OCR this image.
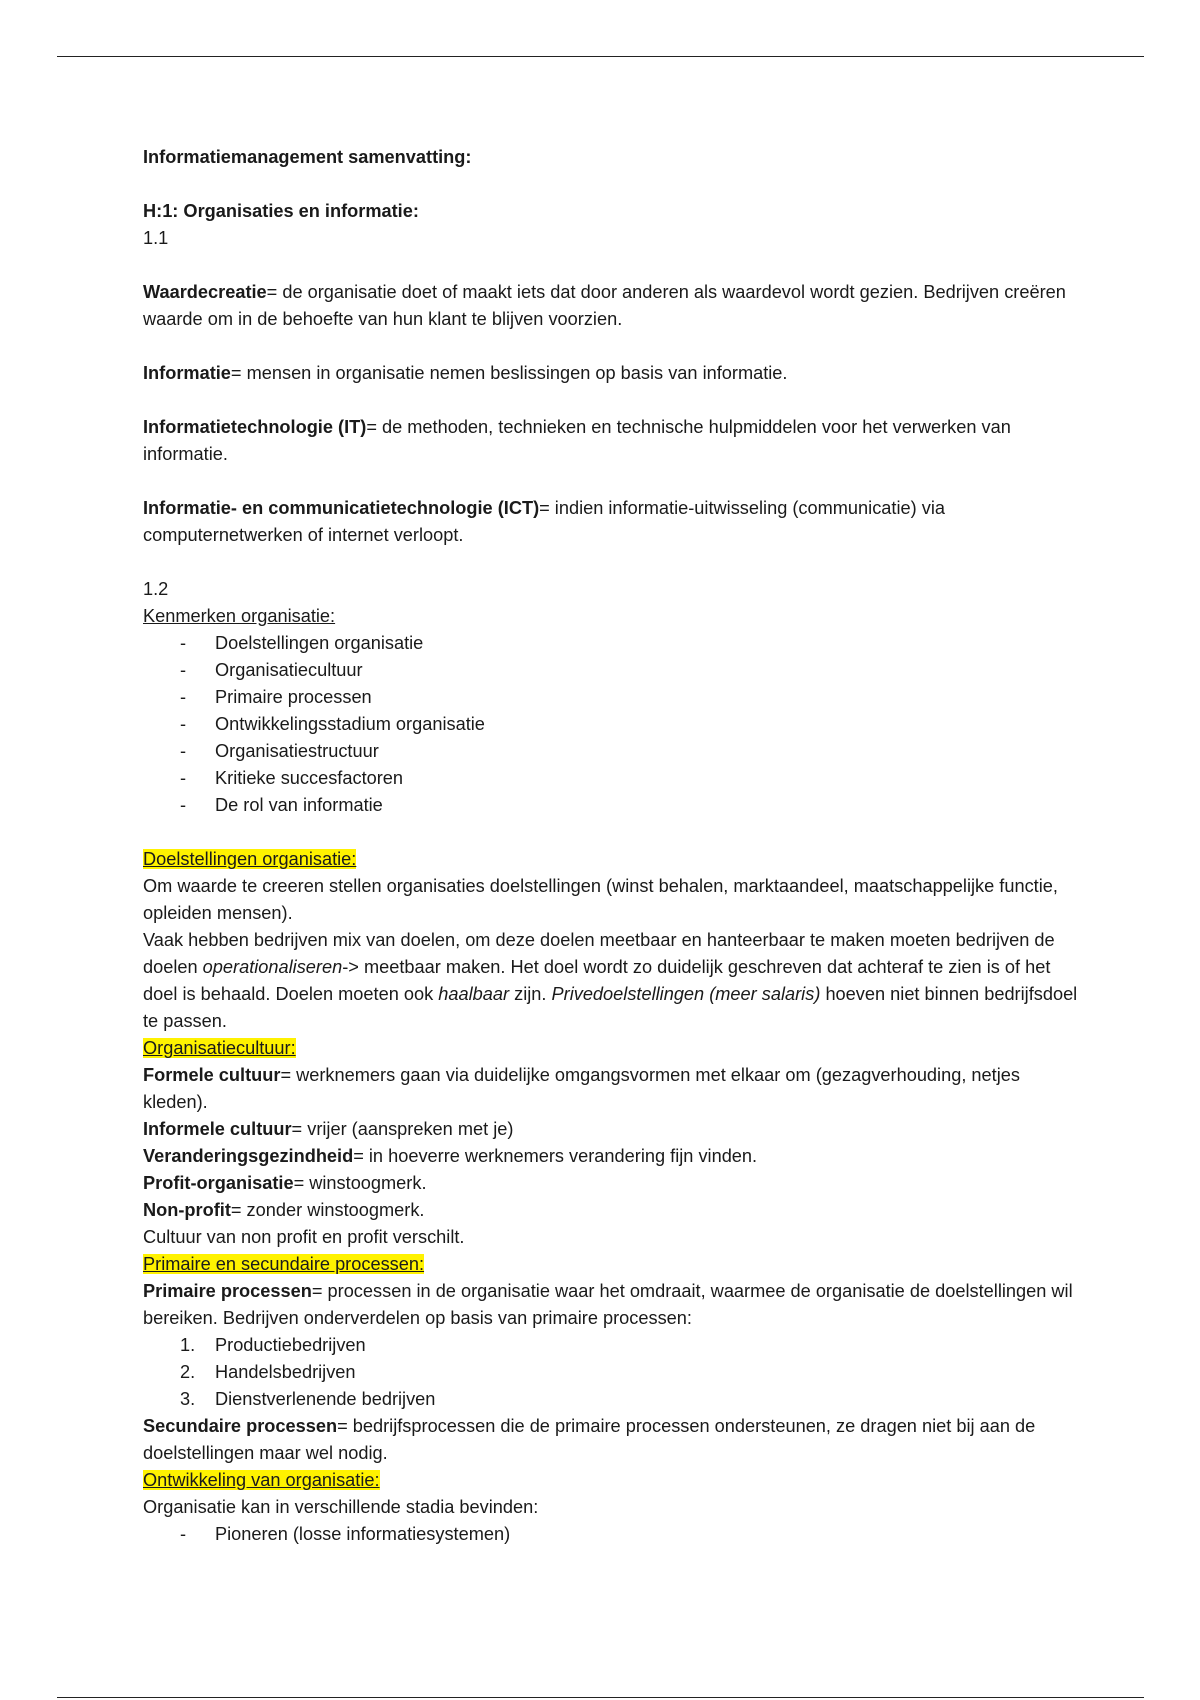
Informatiemanagement samenvatting:

H:1: Organisaties en informatie:

1.1

Waardecreatie= de organisatie doet of maakt iets dat door anderen als waardevol wordt gezien. Bedrijven creëren waarde om in de behoefte van hun klant te blijven voorzien.

Informatie= mensen in organisatie nemen beslissingen op basis van informatie.

Informatietechnologie (IT)= de methoden, technieken en technische hulpmiddelen voor het verwerken van informatie.

Informatie- en communicatietechnologie (ICT)= indien informatie-uitwisseling (communicatie) via computernetwerken of internet verloopt.

1.2

Kenmerken organisatie:

- Doelstellingen organisatie
- Organisatiecultuur
- Primaire processen
- Ontwikkelingsstadium organisatie
- Organisatiestructuur
- Kritieke succesfactoren
- De rol van informatie

Doelstellingen organisatie:

Om waarde te creeren stellen organisaties doelstellingen (winst behalen, marktaandeel, maatschappelijke functie, opleiden mensen).

Vaak hebben bedrijven mix van doelen, om deze doelen meetbaar en hanteerbaar te maken moeten bedrijven de doelen operationaliseren-> meetbaar maken. Het doel wordt zo duidelijk geschreven dat achteraf te zien is of het doel is behaald. Doelen moeten ook haalbaar zijn. Privedoelstellingen (meer salaris) hoeven niet binnen bedrijfsdoel te passen.

Organisatiecultuur:

Formele cultuur= werknemers gaan via duidelijke omgangsvormen met elkaar om (gezagverhouding, netjes kleden).

Informele cultuur= vrijer (aanspreken met je)

Veranderingsgezindheid= in hoeverre werknemers verandering fijn vinden.

Profit-organisatie= winstoogmerk.

Non-profit= zonder winstoogmerk.

Cultuur van non profit en profit verschilt.

Primaire en secundaire processen:

Primaire processen= processen in de organisatie waar het omdraait, waarmee de organisatie de doelstellingen wil bereiken. Bedrijven onderverdelen op basis van primaire processen:

1. Productiebedrijven
2. Handelsbedrijven
3. Dienstverlenende bedrijven

Secundaire processen= bedrijfsprocessen die de primaire processen ondersteunen, ze dragen niet bij aan de doelstellingen maar wel nodig.

Ontwikkeling van organisatie:

Organisatie kan in verschillende stadia bevinden:

- Pioneren (losse informatiesystemen)
